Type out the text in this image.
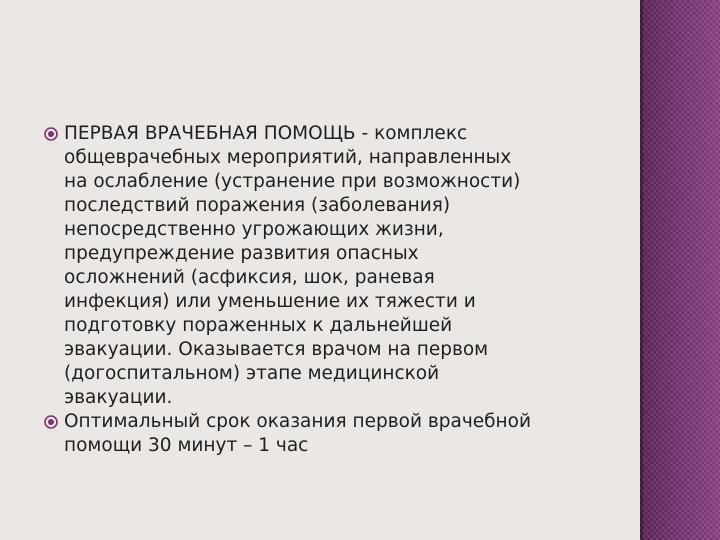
ПЕРВАЯ ВРАЧЕБНАЯ ПОМОЩЬ - комплекс
общеврачебных мероприятий, направленных
на ослабление (устранение при возможности)
последствий поражения (заболевания)
непосредственно угрожающих жизни,
предупреждение развития опасных
осложнений (асфиксия, шок, раневая
инфекция) или уменьшение их тяжести и
подготовку пораженных к дальнейшей
эвакуации. Оказывается врачом на первом
(догоспитальном) этапе медицинской
эвакуации.
Оптимальный срок оказания первой врачебной
помощи 30 минут – 1 час
